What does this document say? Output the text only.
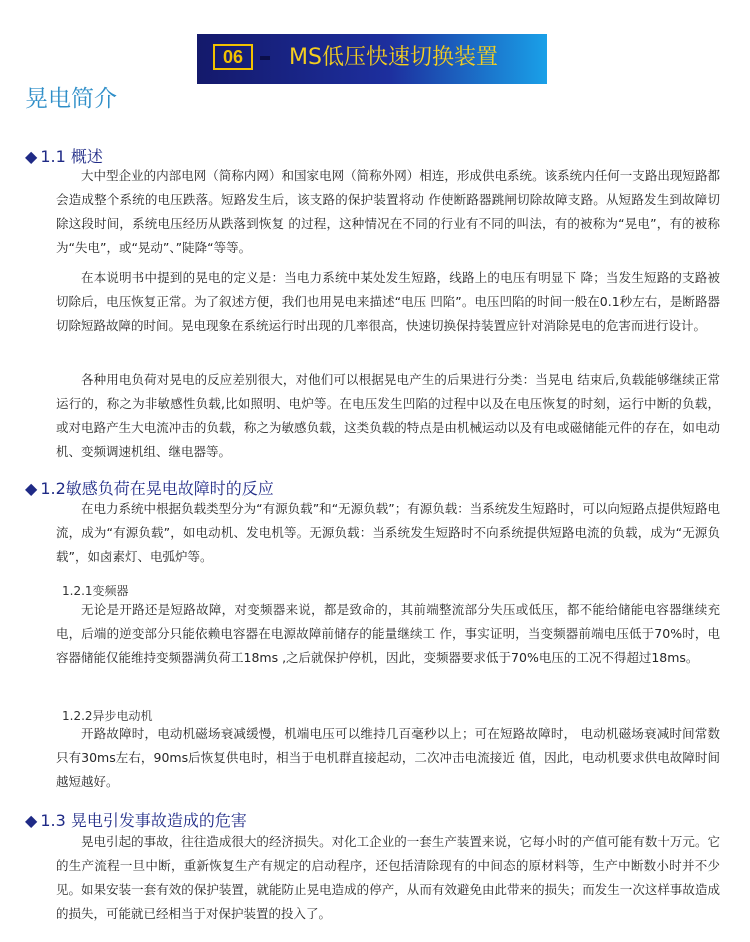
06	MS低压快速切换装置
晃电简介
◆ 1.1 概述
大中型企业的内部电网（简称内网）和国家电网（简称外网）相连，形成供电系统。该系统内任何一支路出现短路都会造成整个系统的电压跌落。短路发生后，该支路的保护装置将动 作使断路器跳闸切除故障支路。从短路发生到故障切除这段时间，系统电压经历从跌落到恢复 的过程，这种情况在不同的行业有不同的叫法，有的被称为“晃电”，有的被称为“失电”，或“晃动”、”陡降“等等。
在本说明书中提到的晃电的定义是：当电力系统中某处发生短路，线路上的电压有明显下 降；当发生短路的支路被切除后，电压恢复正常。为了叙述方便，我们也用晃电来描述“电压 凹陷”。电压凹陷的时间一般在0.1秒左右，是断路器切除短路故障的时间。晃电现象在系统运行时出现的几率很高，快速切换保持装置应针对消除晃电的危害而进行设计。
各种用电负荷对晃电的反应差别很大，对他们可以根据晃电产生的后果进行分类：当晃电 结束后,负载能够继续正常运行的，称之为非敏感性负载,比如照明、电炉等。在电压发生凹陷的过程中以及在电压恢复的时刻，运行中断的负载，或对电路产生大电流冲击的负载，称之为敏感负载，这类负载的特点是由机械运动以及有电或磁储能元件的存在，如电动机、变频调速机组、继电器等。
◆ 1.2敏感负荷在晃电故障时的反应
在电力系统中根据负载类型分为“有源负载”和“无源负载”；有源负载：当系统发生短路时，可以向短路点提供短路电流，成为“有源负载”，如电动机、发电机等。无源负载：当系统发生短路时不向系统提供短路电流的负载，成为“无源负载”，如卤素灯、电弧炉等。
1.2.1变频器
无论是开路还是短路故障，对变频器来说，都是致命的，其前端整流部分失压或低压，都不能给储能电容器继续充电，后端的逆变部分只能依赖电容器在电源故障前储存的能量继续工 作，事实证明，当变频器前端电压低于70%时，电容器储能仅能维持变频器满负荷工18ms ,之后就保护停机，因此，变频器要求低于70%电压的工况不得超过18ms。
1.2.2异步电动机
开路故障时，电动机磁场衰减缓慢，机端电压可以维持几百毫秒以上；可在短路故障时， 电动机磁场衰减时间常数只有30ms左右，90ms后恢复供电时，相当于电机群直接起动，二次冲击电流接近 值，因此，电动机要求供电故障时间越短越好。
◆ 1.3 晃电引发事故造成的危害
晃电引起的事故，往往造成很大的经济损失。对化工企业的一套生产装置来说，它每小时的产值可能有数十万元。它的生产流程一旦中断，重新恢复生产有规定的启动程序，还包括清除现有的中间态的原材料等，生产中断数小时并不少见。如果安装一套有效的保护装置，就能防止晃电造成的停产，从而有效避免由此带来的损失；而发生一次这样事故造成的损失，可能就已经相当于对保护装置的投入了。
